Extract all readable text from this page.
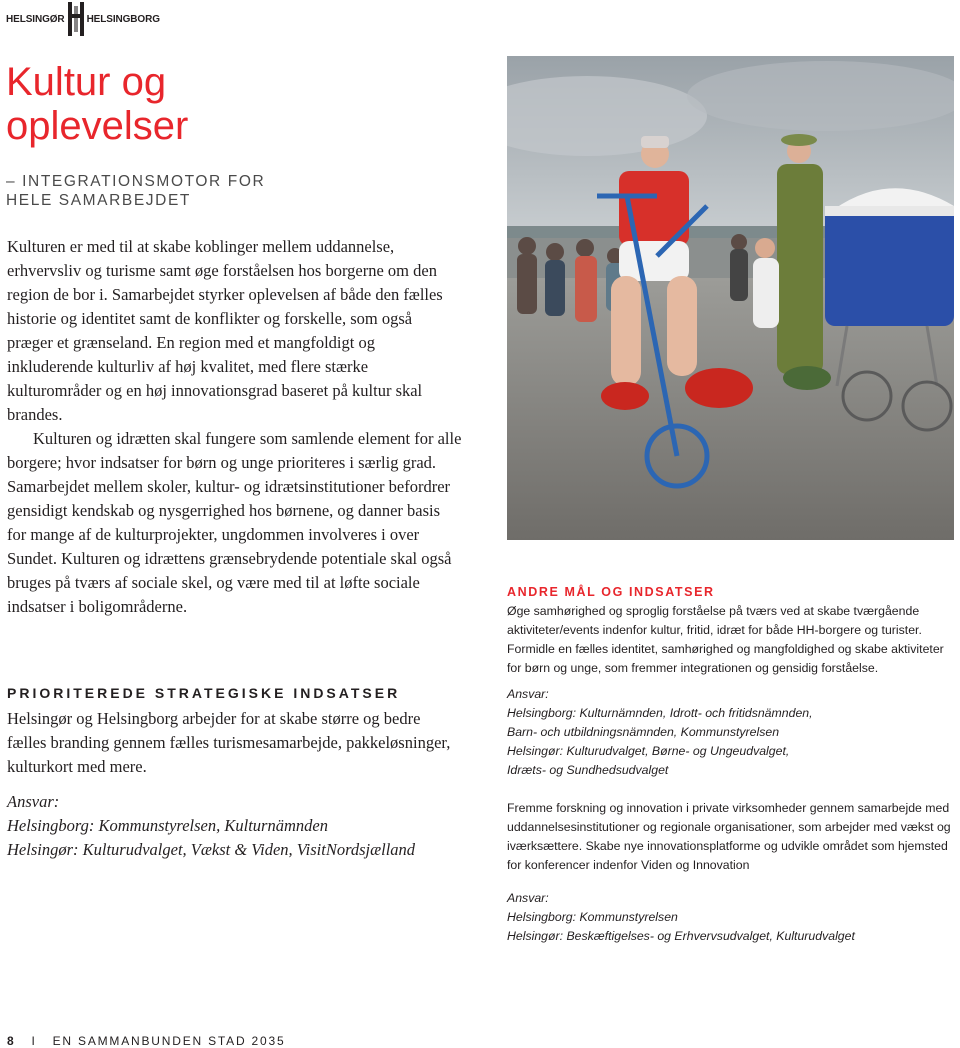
HELSINGØR HELSINGBORG
Kultur og
oplevelser
– INTEGRATIONSMOTOR FOR
HELE SAMARBEJDET

Kulturen er med til at skabe koblinger mellem uddannelse, erhvervsliv og turisme samt øge forståelsen hos borgerne om den region de bor i. Samarbejdet styrker oplevelsen af både den fælles historie og identitet samt de konflikter og forskelle, som også præger et grænseland. En region med et mangfoldigt og inkluderende kulturliv af høj kvalitet, med flere stærke kulturområder og en høj innovationsgrad baseret på kultur skal brandes.

Kulturen og idrætten skal fungere som samlende element for alle borgere; hvor indsatser for børn og unge prioriteres i særlig grad. Samarbejdet mellem skoler, kultur- og idrætsinstitutioner befordrer gensidigt kendskab og nysgerrighed hos børnene, og danner basis for mange af de kulturprojekter, ungdommen involveres i over Sundet. Kulturen og idrættens grænsebrydende potentiale skal også bruges på tværs af sociale skel, og være med til at løfte sociale indsatser i boligområderne.

PRIORITEREDE STRATEGISKE INDSATSER

Helsingør og Helsingborg arbejder for at skabe større og bedre fælles branding gennem fælles turismesamarbejde, pakkeløsninger, kulturkort med mere.

Ansvar:
Helsingborg: Kommunstyrelsen, Kulturnämnden
Helsingør: Kulturudvalget, Vækst & Viden, VisitNordsjælland
ANDRE MÅL OG INDSATSER

Øge samhørighed og sproglig forståelse på tværs ved at skabe tværgående aktiviteter/events indenfor kultur, fritid, idræt for både HH-borgere og turister. Formidle en fælles identitet, samhørighed og mangfoldighed og skabe aktiviteter for børn og unge, som fremmer integrationen og gensidig forståelse.

Ansvar:
Helsingborg: Kulturnämnden, Idrott- och fritidsnämnden,
Barn- och utbildningsnämnden, Kommunstyrelsen
Helsingør: Kulturudvalget, Børne- og Ungeudvalget,
Idræts- og Sundhedsudvalget

Fremme forskning og innovation i private virksomheder gennem samarbejde med uddannelsesinstitutioner og regionale organisationer, som arbejder med vækst og iværksættere. Skabe nye innovationsplatforme og udvikle området som hjemsted for konferencer indenfor Viden og Innovation

Ansvar:
Helsingborg: Kommunstyrelsen
Helsingør: Beskæftigelses- og Erhvervsudvalget, Kulturudvalget
8 I EN SAMMANBUNDEN STAD 2035
